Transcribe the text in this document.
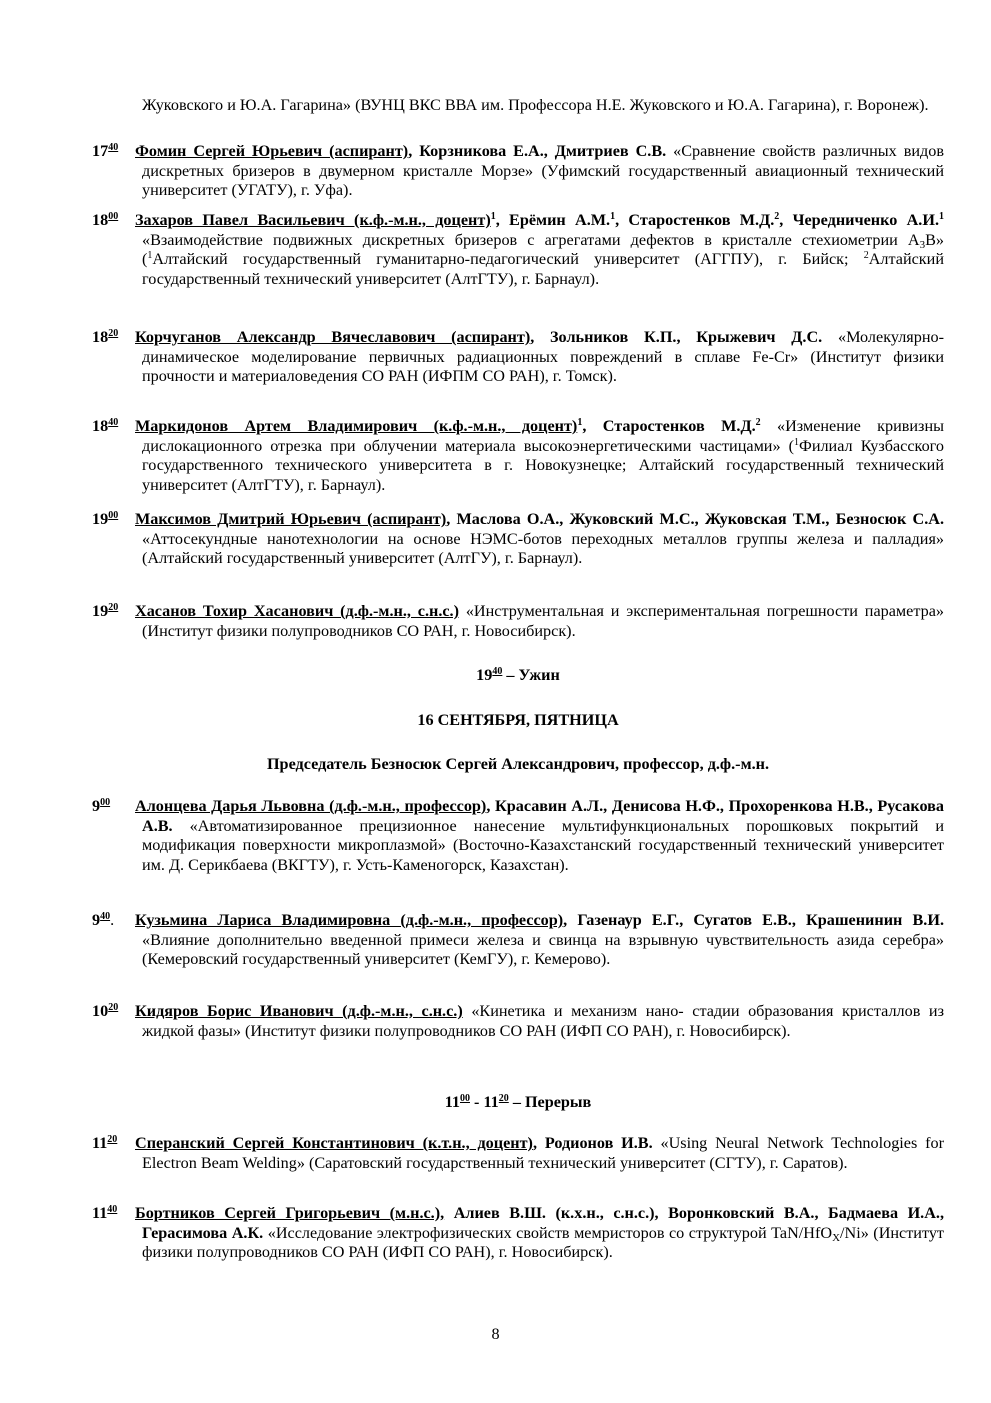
Жуковского и Ю.А. Гагарина» (ВУНЦ ВКС ВВА им. Профессора Н.Е. Жуковского и Ю.А. Гагарина), г. Воронеж).
$17^{40}$	Фомин Сергей Юрьевич (аспирант), Корзникова Е.А., Дмитриев С.В. «Сравнение свойств различных видов дискретных бризеров в двумерном кристалле Морзе» (Уфимский государственный авиационный технический университет (УГАТУ), г. Уфа).
$18^{00}$	Захаров Павел Васильевич (к.ф.-м.н., доцент)$^1$, Ерёмин А.М.$^1$, Старостенков М.Д.$^2$, Чередниченко А.И.$^1$ «Взаимодействие подвижных дискретных бризеров с агрегатами дефектов в кристалле стехиометрии $А_3В$» ($^1$Алтайский государственный гуманитарно-педагогический университет (АГГПУ), г. Бийск; $^2$Алтайский государственный технический университет (АлтГТУ), г. Барнаул).
$18^{20}$	Корчуганов Александр Вячеславович (аспирант), Зольников К.П., Крыжевич Д.С. «Молекулярно-динамическое моделирование первичных радиационных повреждений в сплаве Fe-Cr» (Институт физики прочности и материаловедения СО РАН (ИФПМ СО РАН), г. Томск).
$18^{40}$	Маркидонов Артем Владимирович (к.ф.-м.н., доцент)$^1$, Старостенков М.Д.$^2$ «Изменение кривизны дислокационного отрезка при облучении материала высокоэнергетическими частицами» ($^1$Филиал Кузбасского государственного технического университета в г. Новокузнецке; Алтайский государственный технический университет (АлтГТУ), г. Барнаул).
$19^{00}$	Максимов Дмитрий Юрьевич (аспирант), Маслова О.А., Жуковский М.С., Жуковская Т.М., Безносюк С.А. «Аттосекундные нанотехнологии на основе НЭМС-ботов переходных металлов группы железа и палладия» (Алтайский государственный университет (АлтГУ), г. Барнаул).
$19^{20}$	Хасанов Тохир Хасанович (д.ф.-м.н., с.н.с.) «Инструментальная и экспериментальная погрешности параметра» (Институт физики полупроводников СО РАН, г. Новосибирск).
$19^{40}$ – Ужин
16 СЕНТЯБРЯ, ПЯТНИЦА
Председатель Безносюк Сергей Александрович, профессор, д.ф.-м.н.
$9^{00}$	Алонцева Дарья Львовна (д.ф.-м.н., профессор), Красавин А.Л., Денисова Н.Ф., Прохоренкова Н.В., Русакова А.В. «Автоматизированное прецизионное нанесение мультифункциональных порошковых покрытий и модификация поверхности микроплазмой» (Восточно-Казахстанский государственный технический университет им. Д. Серикбаева (ВКГТУ), г. Усть-Каменогорск, Казахстан).
$9^{40}$.	Кузьмина Лариса Владимировна (д.ф.-м.н., профессор), Газенаур Е.Г., Сугатов Е.В., Крашенинин В.И. «Влияние дополнительно введенной примеси железа и свинца на взрывную чувствительность азида серебра» (Кемеровский государственный университет (КемГУ), г. Кемерово).
$10^{20}$	Кидяров Борис Иванович (д.ф.-м.н., с.н.с.) «Кинетика и механизм нано- стадии образования кристаллов из жидкой фазы» (Институт физики полупроводников СО РАН (ИФП СО РАН), г. Новосибирск).
$11^{00} - 11^{20}$ – Перерыв
$11^{20}$	Сперанский Сергей Константинович (к.т.н., доцент), Родионов И.В. «Using Neural Network Technologies for Electron Beam Welding» (Саратовский государственный технический университет (СГТУ), г. Саратов).
$11^{40}$	Бортников Сергей Григорьевич (м.н.с.), Алиев В.Ш. (к.х.н., с.н.с.), Воронковский В.А., Бадмаева И.А., Герасимова А.К. «Исследование электрофизических свойств мемристоров со структурой TaN/HfO$_X$/Ni» (Институт физики полупроводников СО РАН (ИФП СО РАН), г. Новосибирск).
8
